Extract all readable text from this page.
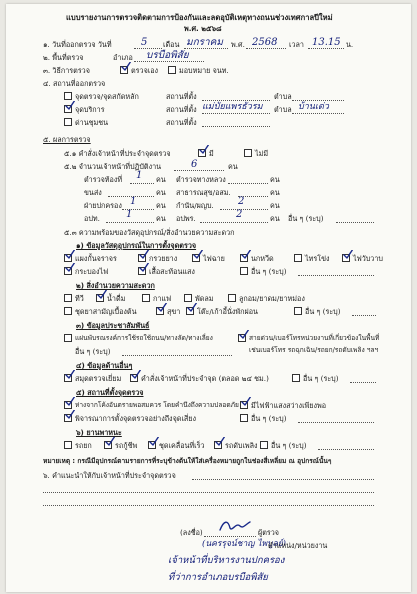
แบบรายงานการตรวจติดตามการป้องกันและลดอุบัติเหตุทางถนนช่วงเทศกาลปีใหม่
พ.ศ. ๒๕๖๘
๑. วันที่ออกตรวจ วันที่	5 เดือน มกราคม พ.ศ. 2568 เวลา 13.15 น.
๒. พื้นที่ตรวจ	อำเภอ บรบือพิสัย
๓. วิธีการตรวจ	ตรวจเอง	มอบหมาย จนท.
๔. สถานที่ออกตรวจ
จุดตรวจ/จุดสกัดหลัก	สถานที่ตั้ง	ตำบล
จุดบริการ	สถานที่ตั้ง แม่บัยแพรธัวรม ตำบล บ้านเด่ว
ด่านชุมชน	สถานที่ตั้ง
๕. ผลการตรวจ
๕.๑ คำสั่งเจ้าหน้าที่ประจำจุดตรวจ	มี	ไม่มี
๕.๒ จำนวนเจ้าหน้าที่ปฏิบัติงาน	6	คน
ตำรวจท้องที่ 1 คน ตำรวจทางหลวง	คน
ขนส่ง	คน สาธารณสุข/อสม.	คน
ฝ่ายปกครอง 1	คน กำนัน/ผญบ. 2	คน
อปท.	1	คน อปพร.	2	คน อื่น ๆ (ระบุ)
๕.๓ ความพร้อมของวัสดุอุปกรณ์/สิ่งอำนวยความสะดวก
๑) ข้อมูลวัสดุอุปกรณ์ในการตั้งจุดตรวจ
แผงกั้นจราจร	กรวยยาง	ไฟฉาย	นกหวีด	ไทรโข่ง	ไฟวับวาบ
กระบองไฟ	เสื้อสะท้อนแสง	อื่น ๆ (ระบุ)
๒) สิ่งอำนวยความสะดวก
ทีวี	น้ำดื่ม	กาแฟ	พัดลม	ลูกอม/ยาดม/ยาหม่อง
ชุดยาสามัญเบื้องต้น	สุขา โต๊ะ/เก้าอี้นั่งพักผ่อน	อื่น ๆ (ระบุ)
๓) ข้อมูลประชาสัมพันธ์
แผ่นพับรณรงค์การใช้รถใช้ถนน/ทางลัด/ทางเลี่ยง	สายด่วน/เบอร์โทรหน่วยงานที่เกี่ยวข้องในพื้นที่
เช่นเบอร์โทร รถฉุกเฉิน/รถยก/รถดับเพลิง ฯลฯ
อื่น ๆ (ระบุ)
๔) ข้อมูลด้านอื่นๆ
สมุดตรวจเยี่ยม	คำสั่งเจ้าหน้าที่ประจำจุด (ตลอด ๒๔ ชม.)	อื่น ๆ (ระบุ)
๕) สถานที่ตั้งจุดตรวจ
ห่างจากโค้งอันตรายพอสมควร โดยคำนึงถึงความปลอดภัย มีไฟฟ้าแสงสว่างเพียงพอ
พิจารณาการตั้งจุดตรวจอย่างถึงจุดเสี่ยง	อื่น ๆ (ระบุ)
๖) ยานพาหนะ
รถยก	รถกู้ชีพ	ชุดเคลื่อนที่เร็ว	รถดับเพลิง อื่น ๆ (ระบุ)
หมายเหตุ : กรณีมีอุปกรณ์ตามรายการที่ระบุข้างต้นให้ใส่เครื่องหมายถูกในช่องสี่เหลี่ยม ณ อุปกรณ์นั้นๆ
๖. คำแนะนำให้กับเจ้าหน้าที่ประจำจุดตรวจ
(ลงชื่อ)	ผู้ตรวจ
(นครรุจน์ชาญ ไพบูลย์)
ตำแหน่ง/หน่วยงาน
เจ้าหน้าที่บริหารงานปกครอง
ที่ว่าการอำเภอบรบือพิสัย
